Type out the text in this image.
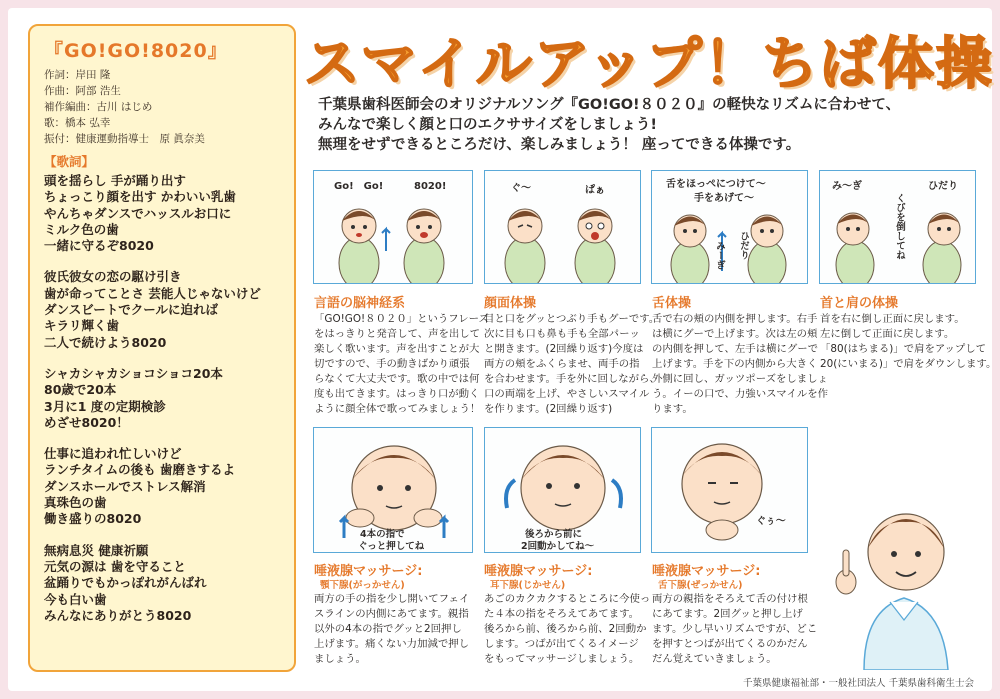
『GO!GO!8020』
作詞：岸田 隆
作曲：阿部 浩生
補作編曲：古川 はじめ
歌：橋本 弘幸
振付：健康運動指導士　原 眞奈美
【歌詞】
頭を揺らし 手が踊り出す
ちょっこり顔を出す かわいい乳歯
やんちゃダンスでハッスルお口に
ミルク色の歯
一緒に守るぞ8020
彼氏彼女の恋の駆け引き
歯が命ってことさ 芸能人じゃないけど
ダンスビートでクールに迫れば
キラリ輝く歯
二人で続けよう8020
シャカシャカショコショコ20本
80歳で20本
3月に1 度の定期検診
めざせ8020！
仕事に追われ忙しいけど
ランチタイムの後も 歯磨きするよ
ダンスホールでストレス解消
真珠色の歯
働き盛りの8020
無病息災 健康祈願
元気の源は 歯を守ること
盆踊りでもかっぽれがんばれ
今も白い歯
みんなにありがとう8020
スマイルアップ！ちば体操
千葉県歯科医師会のオリジナルソング『GO!GO!８０２０』の軽快なリズムに合わせて、
みんなで楽しく顔と口のエクササイズをしましょう!
無理をせずできるところだけ、楽しみましょう！ 座ってできる体操です。
Go!　Go!	8020!	ぐ〜	ぱぁ
舌をほっぺにつけて〜
手をあげて〜
みーぎ ひだり
み〜ぎ	ひだり
くびを倒してね
言語の脳神経系
「GO!GO!８０２０」というフレーズ
をはっきりと発音して、声を出して
楽しく歌います。声を出すことが大
切ですので、手の動きばかり頑張
らなくて大丈夫です。歌の中では何
度も出てきます。はっきり口が動く
ように顔全体で歌ってみましょう！
顔面体操
目と口をグッとつぶり手もグーです。
次に目も口も鼻も手も全部パーッ
と開きます。(2回繰り返す)今度は
両方の頬をふくらませ、両手の指
を合わせます。手を外に回しながら、
口の両端を上げ、やさしいスマイル
を作ります。(2回繰り返す)
舌体操
舌で右の頬の内側を押します。右手
は横にグーで上げます。次は左の頬
の内側を押して、左手は横にグーで
上げます。手を下の内側から大きく
外側に回し、ガッツポーズをしましょ
う。イーの口で、力強いスマイルを作
ります。
首と肩の体操
首を右に倒し正面に戻します。
左に倒して正面に戻します。
「80(はちまる)」で肩をアップして
20(にいまる)」で肩をダウンします。
4本の指で
ぐっと押してね
後ろから前に
2回動かしてね〜
ぐぅ〜
唾液腺マッサージ:
顎下腺(がっかせん)
両方の手の指を少し開いてフェイ
スラインの内側にあてます。親指
以外の4本の指でグッと2回押し
上げます。痛くない力加減で押し
ましょう。
唾液腺マッサージ:
耳下腺(じかせん)
あごのカクカクするところに今使っ
た４本の指をそろえてあてます。
後ろから前、後ろから前、2回動か
します。つばが出てくるイメージ
をもってマッサージしましょう。
唾液腺マッサージ:
舌下腺(ぜっかせん)
両方の親指をそろえて舌の付け根
にあてます。2回グッと押し上げ
ます。少し早いリズムですが、どこ
を押すとつばが出てくるのかだん
だん覚えていきましょう。
千葉県健康福祉部・一般社団法人 千葉県歯科衛生士会
